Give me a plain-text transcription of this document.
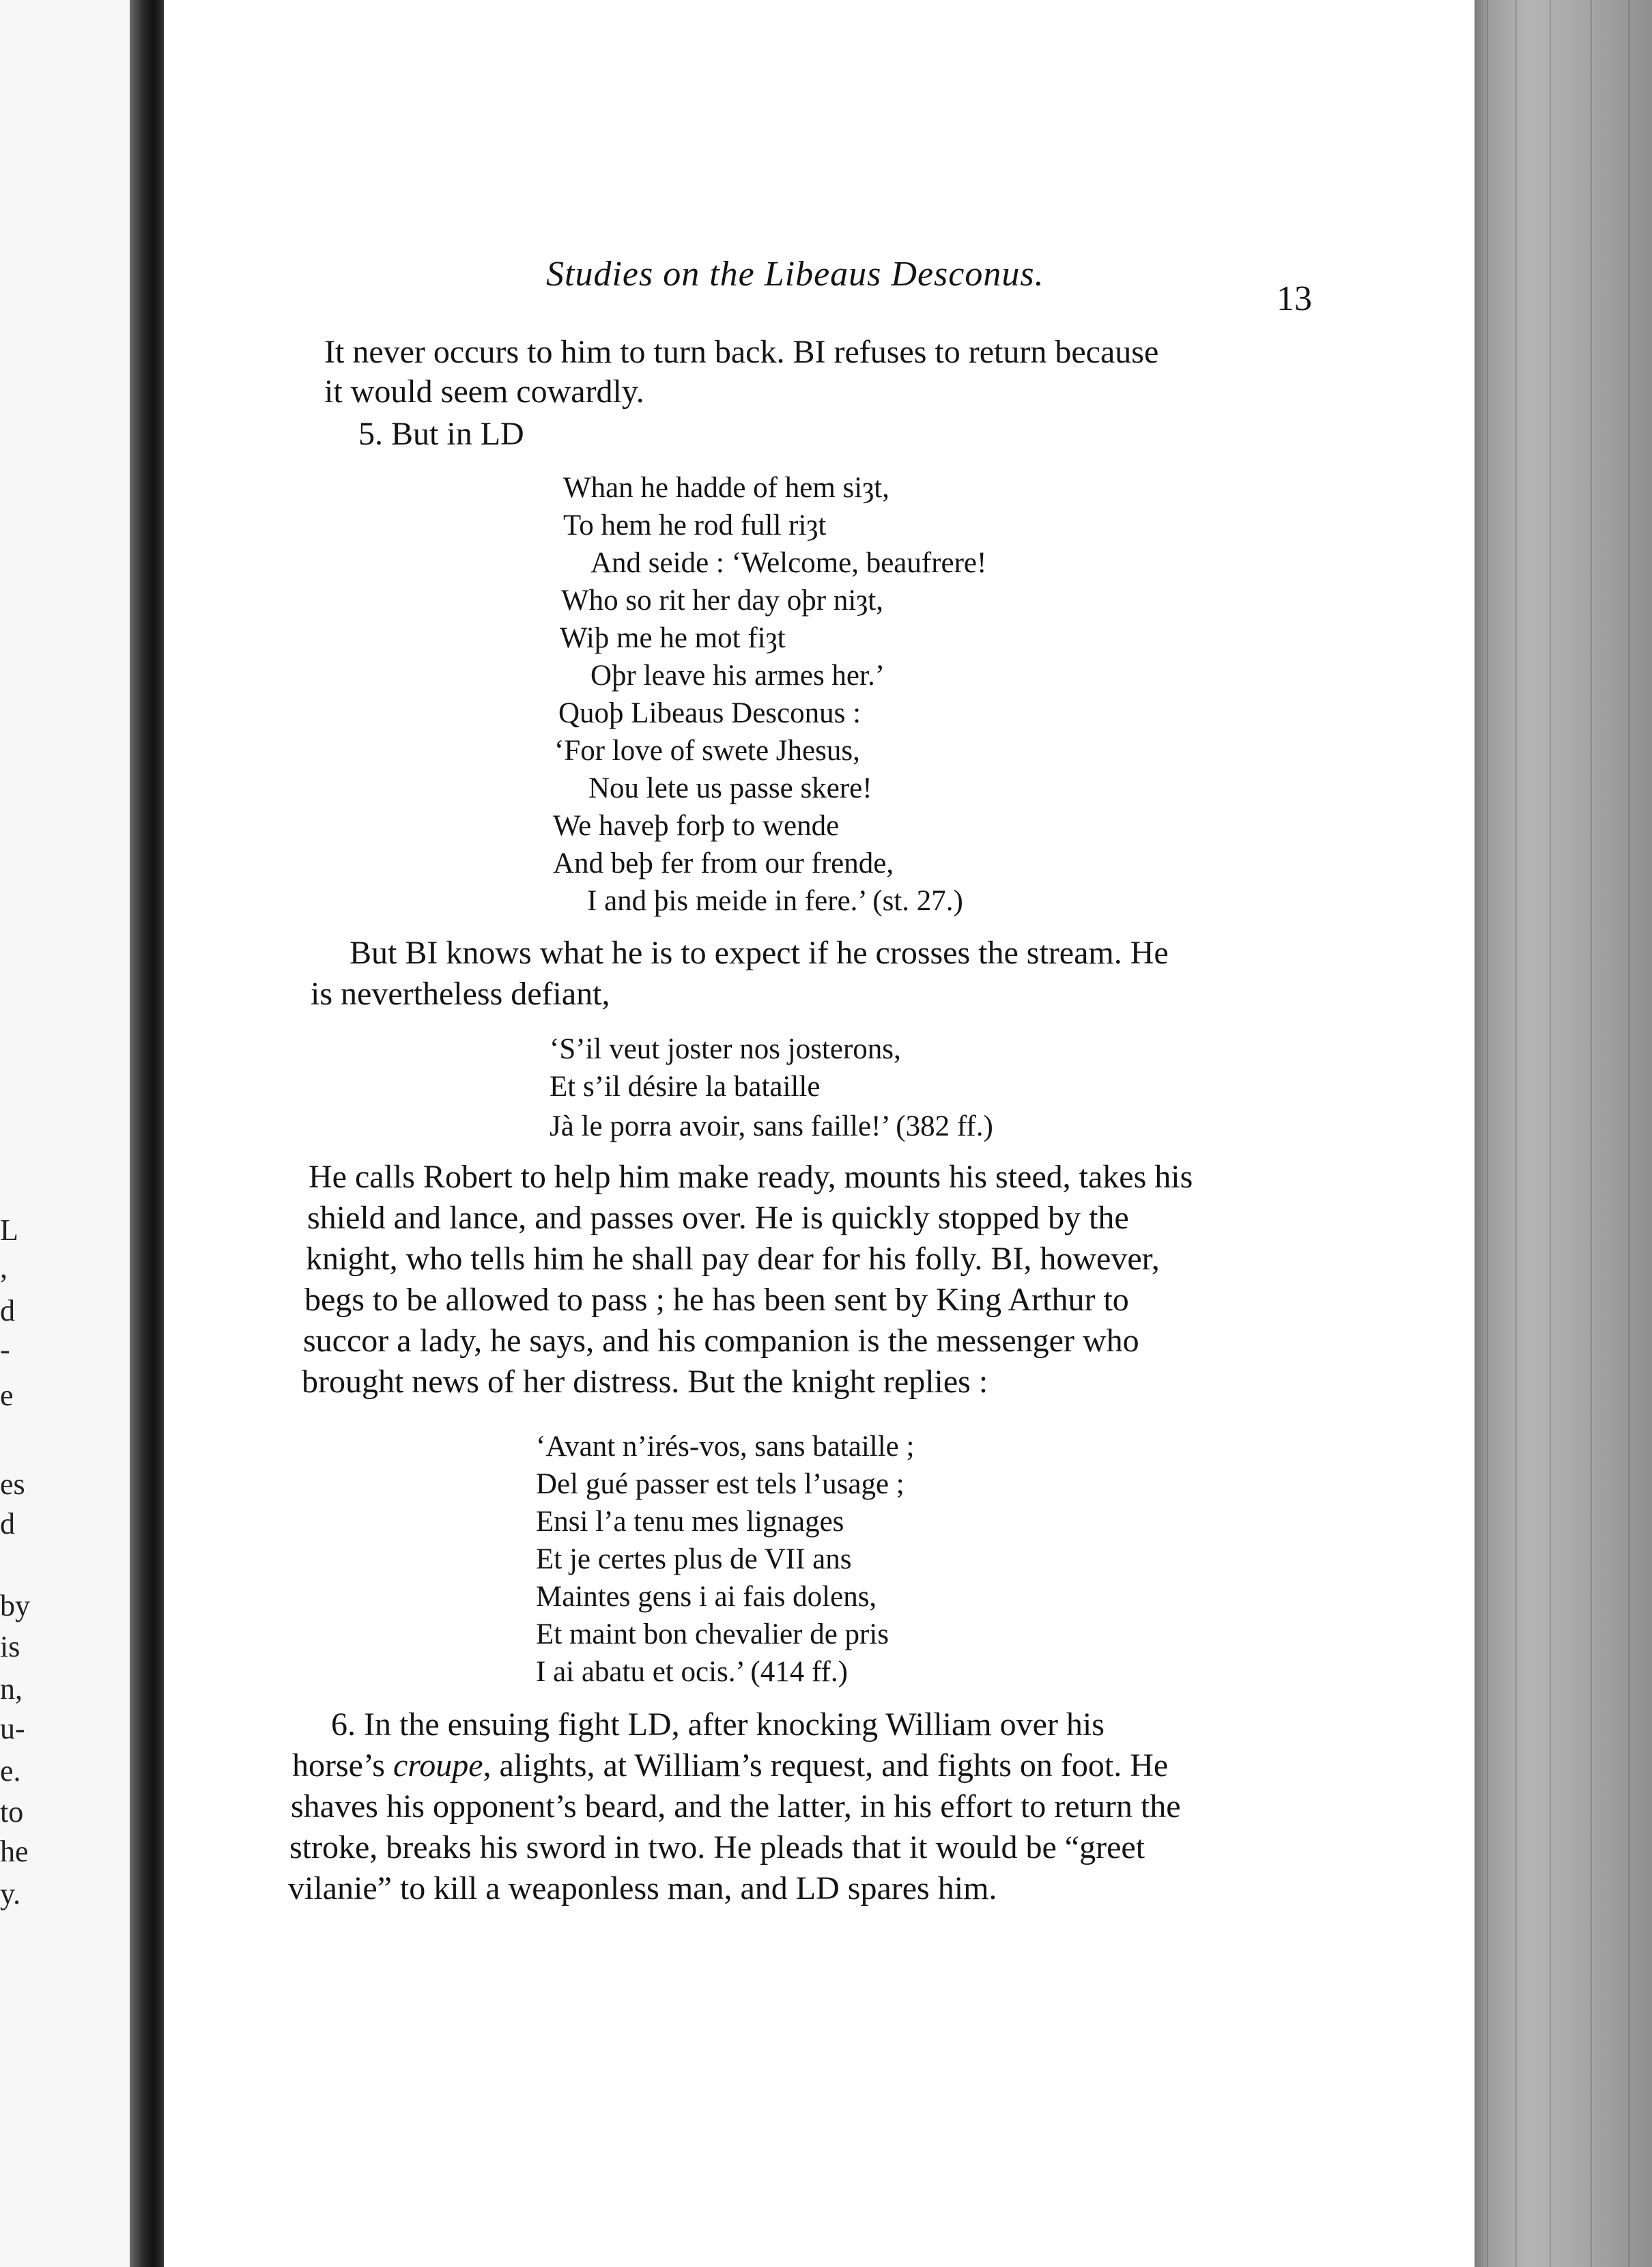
L
,
d
-
e
es
d
by
is
n,
u-
e.
to
he
y.
Studies on the Libeaus Desconus.
13
It never occurs to him to turn back. BI refuses to return because
it would seem cowardly.
5. But in LD
Whan he hadde of hem siȝt,
To hem he rod full riȝt
And seide : ‘Welcome, beaufrere!
Who so rit her day oþr niȝt,
Wiþ me he mot fiȝt
Oþr leave his armes her.’
Quoþ Libeaus Desconus :
‘For love of swete Jhesus,
Nou lete us passe skere!
We haveþ forþ to wende
And beþ fer from our frende,
I and þis meide in fere.’ (st. 27.)
But BI knows what he is to expect if he crosses the stream. He
is nevertheless defiant,
‘S’il veut joster nos josterons,
Et s’il désire la bataille
Jà le porra avoir, sans faille!’ (382 ff.)
He calls Robert to help him make ready, mounts his steed, takes his
shield and lance, and passes over. He is quickly stopped by the
knight, who tells him he shall pay dear for his folly. BI, however,
begs to be allowed to pass ; he has been sent by King Arthur to
succor a lady, he says, and his companion is the messenger who
brought news of her distress. But the knight replies :
‘Avant n’irés-vos, sans bataille ;
Del gué passer est tels l’usage ;
Ensi l’a tenu mes lignages
Et je certes plus de VII ans
Maintes gens i ai fais dolens,
Et maint bon chevalier de pris
I ai abatu et ocis.’ (414 ff.)
6. In the ensuing fight LD, after knocking William over his
horse’s croupe, alights, at William’s request, and fights on foot. He
shaves his opponent’s beard, and the latter, in his effort to return the
stroke, breaks his sword in two. He pleads that it would be “greet
vilanie” to kill a weaponless man, and LD spares him.
